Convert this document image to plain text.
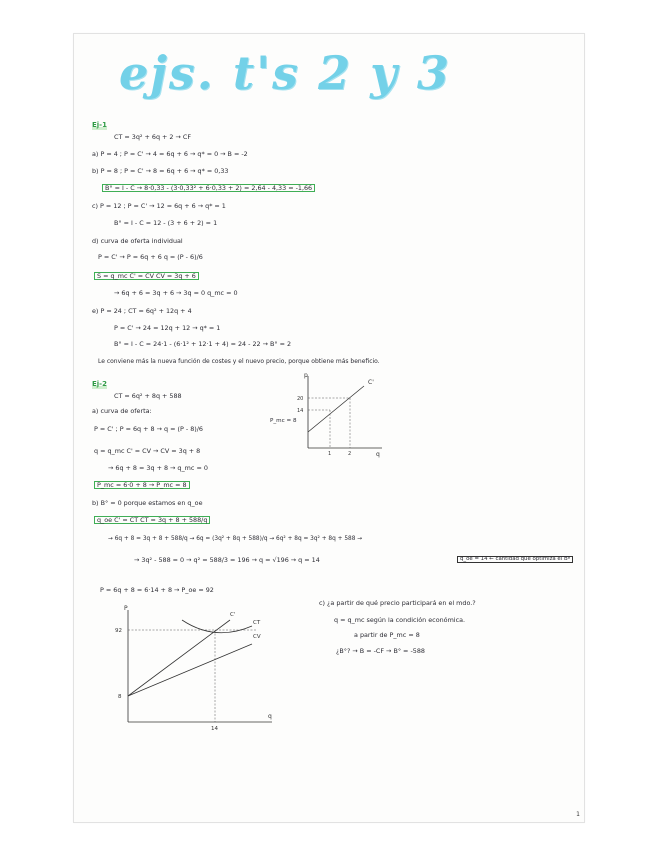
ejs. t's 2 y 3
Ej-1
CT = 3q² + 6q + 2 → CF
a) P = 4 ; P = C' → 4 = 6q + 6 → q* = 0 → B = -2
b) P = 8 ; P = C' → 8 = 6q + 6 → q* = 0,33
B° = I - C → 8·0,33 - (3·0,33² + 6·0,33 + 2) = 2,64 - 4,33 = -1,66
c) P = 12 ; P = C' → 12 = 6q + 6 → q* = 1
B° = I - C = 12 - (3 + 6 + 2) = 1
d) curva de oferta individual
P = C' → P = 6q + 6 q = (P - 6)/6
S = q_mc C' = CV CV = 3q + 6
→ 6q + 6 = 3q + 6 → 3q = 0 q_mc = 0
e) P = 24 ; CT = 6q² + 12q + 4
P = C' → 24 = 12q + 12 → q* = 1
B° = I - C = 24·1 - (6·1² + 12·1 + 4) = 24 - 22 → B° = 2
Le conviene más la nueva función de costes y el nuevo precio, porque obtiene más beneficio.
Ej-2
CT = 6q² + 8q + 588
a) curva de oferta:
P = C' ; P = 6q + 8 → q = (P - 8)/6
q = q_mc C' = CV → CV = 3q + 8
→ 6q + 8 = 3q + 8 → q_mc = 0
P_mc = 6·0 + 8 → P_mc = 8
b) B° = 0 porque estamos en q_oe
q_oe C' = CT CT = 3q + 8 + 588/q
→ 6q + 8 = 3q + 8 + 588/q → 6q = (3q² + 8q + 588)/q → 6q² + 8q = 3q² + 8q + 588 →
→ 3q² - 588 = 0 → q² = 588/3 = 196 → q = √196 → q = 14	q_oe = 14 ← cantidad que optimiza el Bº
P = 6q + 8 = 6·14 + 8 → P_oe = 92
c) ¿a partir de qué precio participará en el mdo.?
q = q_mc según la condición económica.
a partir de P_mc = 8
¿B°? → B = -CF → B° = -588
p
q
C'
20
14
1	2
P_mc = 8
P
q
92
8
14
C'
CT
CV
1
